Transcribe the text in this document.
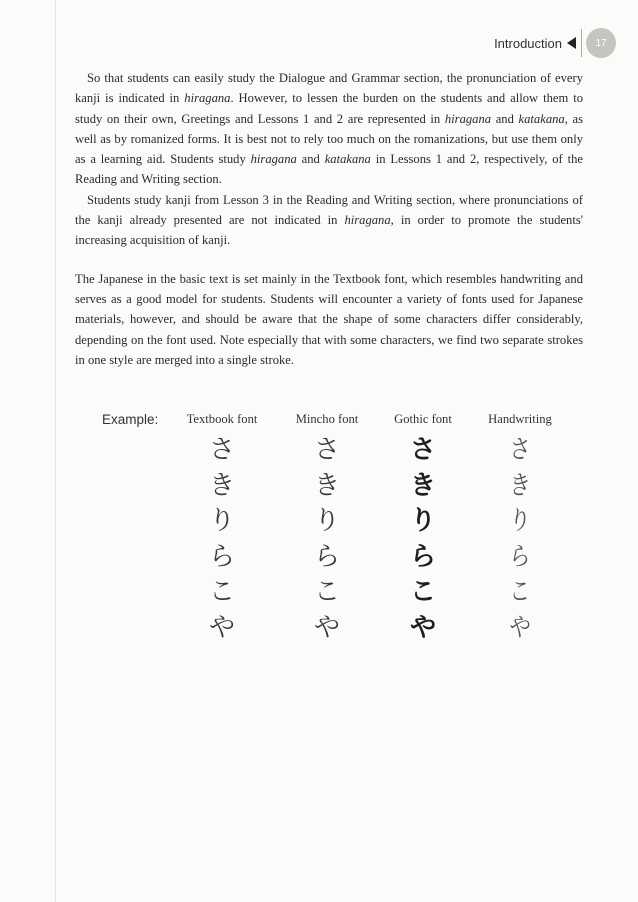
Introduction	17

So that students can easily study the Dialogue and Grammar section, the pronunciation of every kanji is indicated in hiragana. However, to lessen the burden on the students and allow them to study on their own, Greetings and Lessons 1 and 2 are represented in hiragana and katakana, as well as by romanized forms. It is best not to rely too much on the romanizations, but use them only as a learning aid. Students study hiragana and katakana in Lessons 1 and 2, respectively, of the Reading and Writing section.

Students study kanji from Lesson 3 in the Reading and Writing section, where pronunciations of the kanji already presented are not indicated in hiragana, in order to promote the students' increasing acquisition of kanji.

The Japanese in the basic text is set mainly in the Textbook font, which resembles handwriting and serves as a good model for students. Students will encounter a variety of fonts used for Japanese materials, however, and should be aware that the shape of some characters differ considerably, depending on the font used. Note especially that with some characters, we find two separate strokes in one style are merged into a single stroke.

Example:	Textbook font
さ
き
り
ら
こ
や
Mincho font
さ
き
り
ら
こ
や
Gothic font
さ
き
り
ら
こ
や
Handwriting
さ
き
り
ら
こ
や
